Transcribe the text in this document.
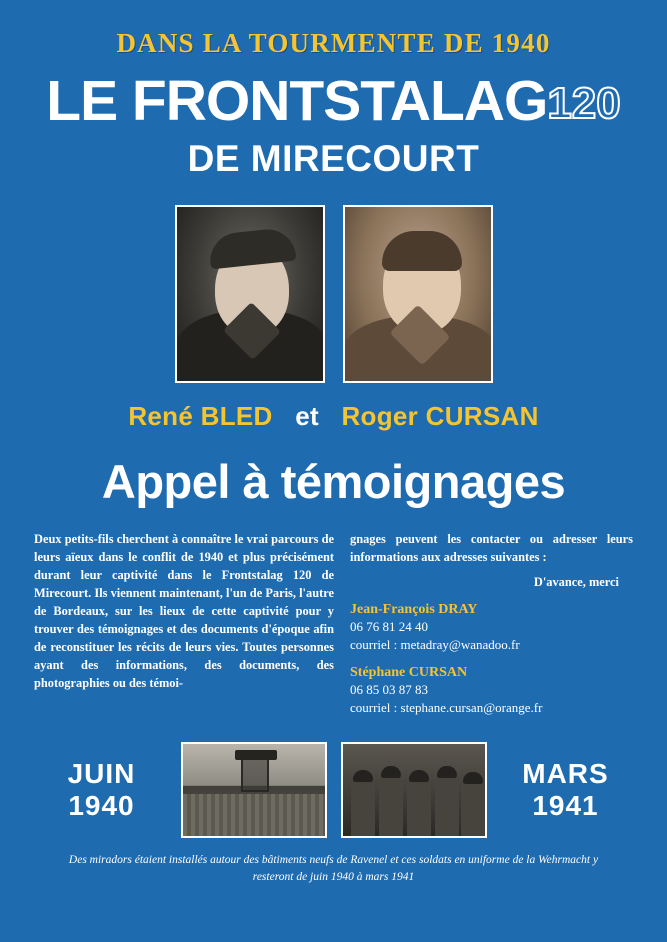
DANS LA TOURMENTE DE 1940
LE FRONTSTALAG120
DE MIRECOURT
René BLED et Roger CURSAN
Appel à témoignages
Deux petits-fils cherchent à connaître le vrai parcours de leurs aïeux dans le conflit de 1940 et plus précisément durant leur captivité dans le Frontstalag 120 de Mirecourt. Ils viennent maintenant, l'un de Paris, l'autre de Bordeaux, sur les lieux de cette captivité pour y trouver des témoignages et des documents d'époque afin de reconstituer les récits de leurs vies. Toutes personnes ayant des informations, des documents, des photographies ou des témoi-
gnages peuvent les contacter ou adresser leurs informations aux adresses suivantes :
D'avance, merci
Jean-François DRAY
06 76 81 24 40
courriel : metadray@wanadoo.fr
Stéphane CURSAN
06 85 03 87 83
courriel : stephane.cursan@orange.fr
JUIN
1940
MARS
1941
Des miradors étaient installés autour des bâtiments neufs de Ravenel et ces soldats en uniforme de la Wehrmacht y resteront de juin 1940 à mars 1941
